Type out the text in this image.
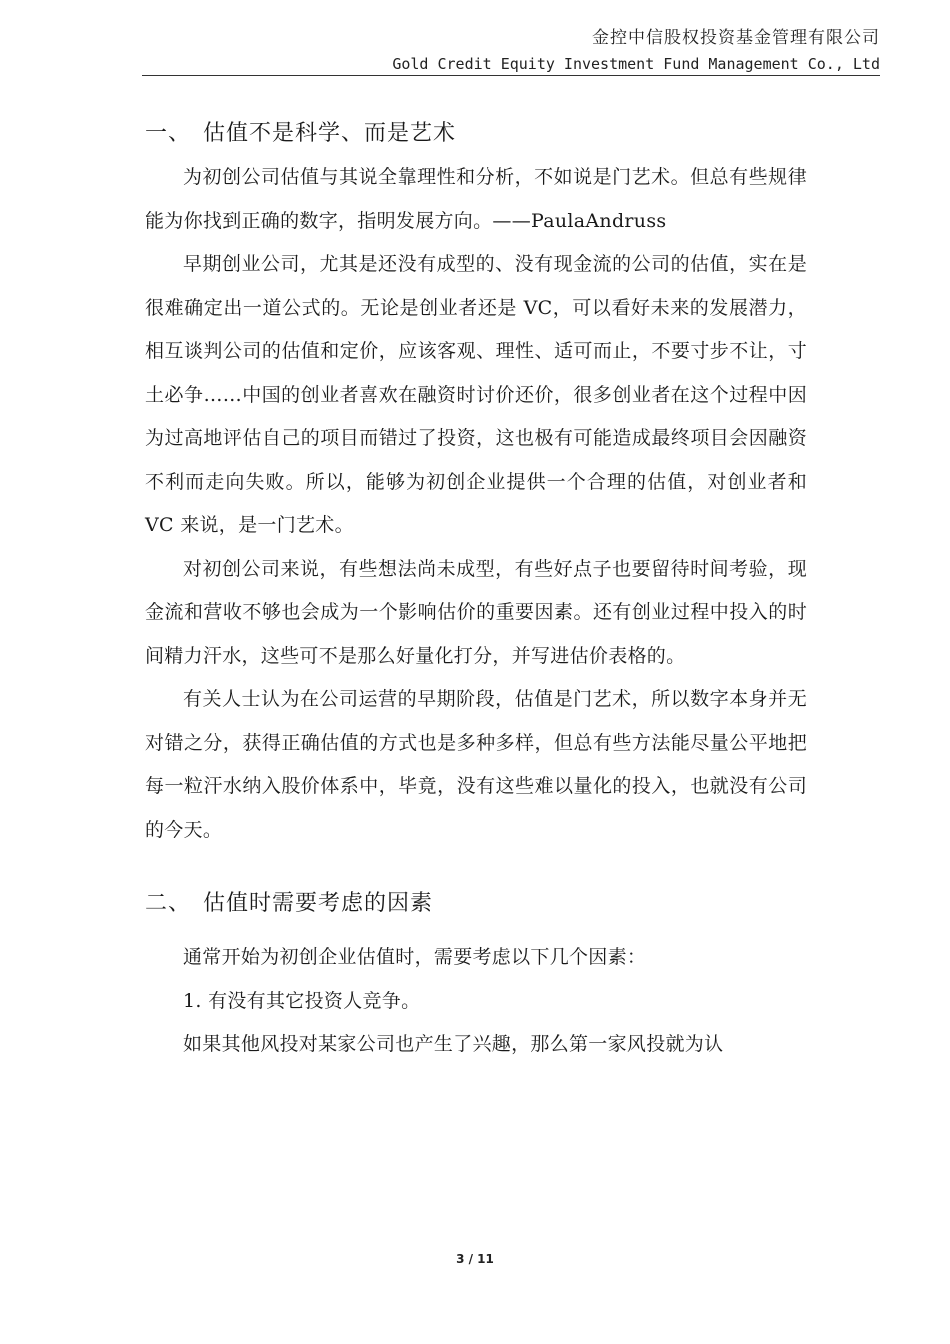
金控中信股权投资基金管理有限公司
Gold Credit Equity Investment Fund Management Co., Ltd
一、 估值不是科学、而是艺术

为初创公司估值与其说全靠理性和分析，不如说是门艺术。但总有些规律能为你找到正确的数字，指明发展方向。——PaulaAndruss

早期创业公司，尤其是还没有成型的、没有现金流的公司的估值，实在是很难确定出一道公式的。无论是创业者还是 VC，可以看好未来的发展潜力，相互谈判公司的估值和定价，应该客观、理性、适可而止，不要寸步不让，寸土必争……中国的创业者喜欢在融资时讨价还价，很多创业者在这个过程中因为过高地评估自己的项目而错过了投资，这也极有可能造成最终项目会因融资不利而走向失败。所以，能够为初创企业提供一个合理的估值，对创业者和 VC 来说，是一门艺术。

对初创公司来说，有些想法尚未成型，有些好点子也要留待时间考验，现金流和营收不够也会成为一个影响估价的重要因素。还有创业过程中投入的时间精力汗水，这些可不是那么好量化打分，并写进估价表格的。

有关人士认为在公司运营的早期阶段，估值是门艺术，所以数字本身并无对错之分，获得正确估值的方式也是多种多样，但总有些方法能尽量公平地把每一粒汗水纳入股价体系中，毕竟，没有这些难以量化的投入，也就没有公司的今天。

二、 估值时需要考虑的因素

通常开始为初创企业估值时，需要考虑以下几个因素：

1. 有没有其它投资人竞争。

如果其他风投对某家公司也产生了兴趣，那么第一家风投就为认

3 / 11
